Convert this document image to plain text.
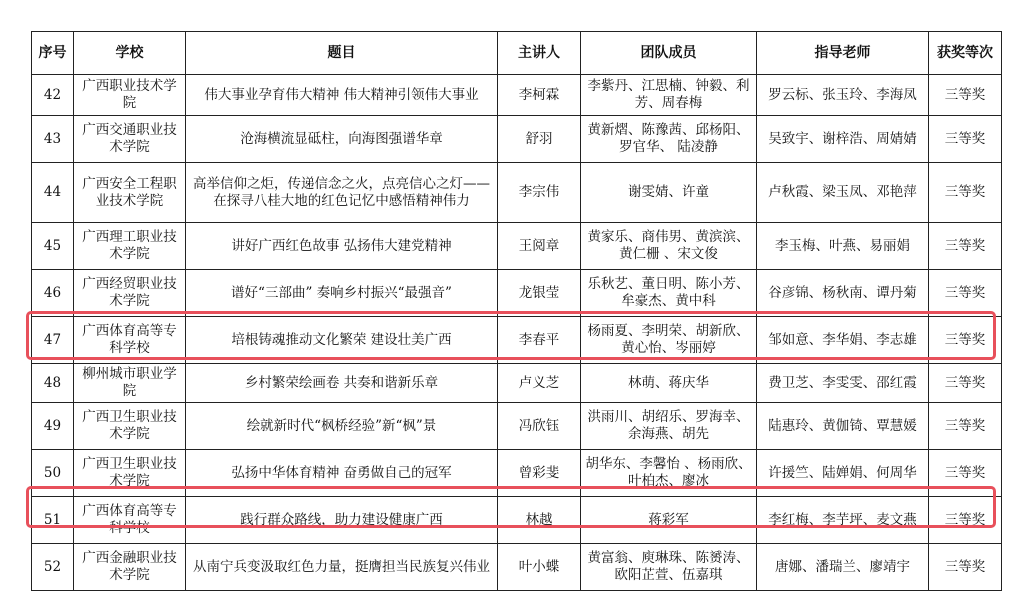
序号	学校	题目	主讲人	团队成员	指导老师	获奖等次
42	广西职业技术学院	伟大事业孕育伟大精神 伟大精神引领伟大事业	李柯霖	李紫丹、江思楠、钟毅、利芳、周春梅	罗云标、张玉玲、李海凤	三等奖
43	广西交通职业技术学院	沧海横流显砥柱，向海图强谱华章	舒羽	黄新熠、陈豫茜、邱杨阳、罗官华、 陆凌静	吴致宇、谢梓浩、周婧婧	三等奖
44	广西安全工程职业技术学院	高举信仰之炬，传递信念之火，点亮信心之灯——在探寻八桂大地的红色记忆中感悟精神伟力	李宗伟	谢雯婧、许童	卢秋霞、梁玉凤、邓艳萍	三等奖
45	广西理工职业技术学院	讲好广西红色故事 弘扬伟大建党精神	王阅章	黄家乐、商伟男、黄滨滨、黄仁栅 、宋文俊	李玉梅、叶燕、易丽娟	三等奖
46	广西经贸职业技术学院	谱好“三部曲” 奏响乡村振兴“最强音”	龙银莹	乐秋艺、董日明、陈小芳、牟豪杰、黄中科	谷彦锦、杨秋南、谭丹菊	三等奖
47	广西体育高等专科学校	培根铸魂推动文化繁荣 建设壮美广西	李春平	杨雨夏、李明荣、胡新欣、黄心怡、岑丽婷	邹如意、李华娟、李志雄	三等奖
48	柳州城市职业学院	乡村繁荣绘画卷 共奏和谐新乐章	卢义芝	林萌、蒋庆华	费卫芝、李雯雯、邵红霞	三等奖
49	广西卫生职业技术学院	绘就新时代“枫桥经验”新“枫”景	冯欣钰	洪雨川、胡绍乐、罗海幸、余海燕、胡先	陆惠玲、黄伽锜、覃慧媛	三等奖
50	广西卫生职业技术学院	弘扬中华体育精神 奋勇做自己的冠军	曾彩斐	胡华东、李馨怡 、杨雨欣、叶柏杰、廖冰	许援竺、陆婵娟、何周华	三等奖
51	广西体育高等专科学校	践行群众路线，助力建设健康广西	林越	蒋彩军	李红梅、李芋坪、麦文燕	三等奖
52	广西金融职业技术学院	从南宁兵变汲取红色力量，挺膺担当民族复兴伟业	叶小蝶	黄富翁、庾琳珠、陈赟涛、欧阳芷萱、伍嘉琪	唐娜、潘瑞兰、廖靖宇	三等奖
